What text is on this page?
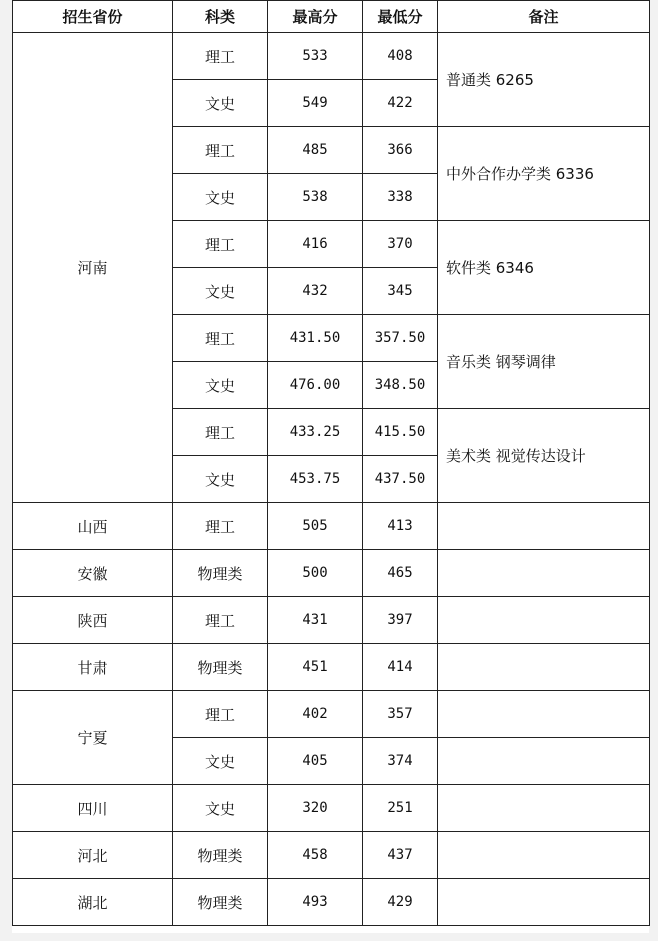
招生省份	科类	最高分	最低分	备注
河南	理工	533	408	普通类 6265
	文史	549	422	
	理工	485	366	中外合作办学类 6336
	文史	538	338	
	理工	416	370	软件类 6346
	文史	432	345	
	理工	431.50	357.50	音乐类 钢琴调律
	文史	476.00	348.50	
	理工	433.25	415.50	美术类 视觉传达设计
	文史	453.75	437.50	
山西	理工	505	413	
安徽	物理类	500	465	
陕西	理工	431	397	
甘肃	物理类	451	414	
宁夏	理工	402	357	
	文史	405	374	
四川	文史	320	251	
河北	物理类	458	437	
湖北	物理类	493	429	
